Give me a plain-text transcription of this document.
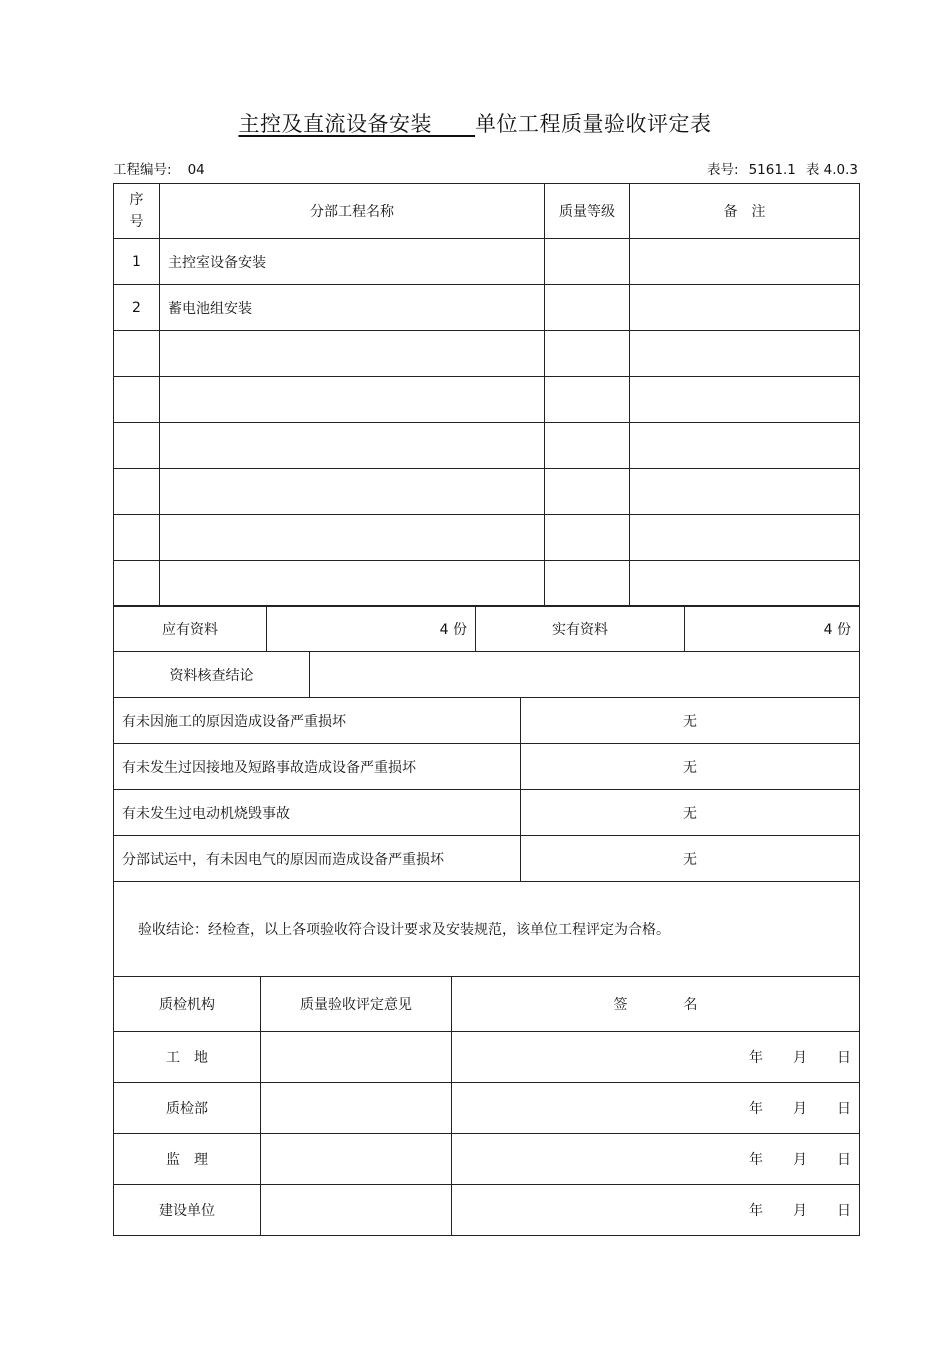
主控及直流设备安装 单位工程质量验收评定表
工程编号: 04	表号: 5161.1 表 4.0.3
序
号	分部工程名称	质量等级	备　注
1	主控室设备安装		
2	蓄电池组安装		

应有资料	4 份	实有资料	4 份
资料核查结论	
有未因施工的原因造成设备严重损坏	无
有未发生过因接地及短路事故造成设备严重损坏	无
有未发生过电动机烧毁事故	无
分部试运中，有未因电气的原因而造成设备严重损坏	无
验收结论：经检查，以上各项验收符合设计要求及安装规范，该单位工程评定为合格。	
质检机构	质量验收评定意见	签　　　　名
工　地		年 月 日
质检部		年 月 日
监　理		年 月 日
建设单位		年 月 日
